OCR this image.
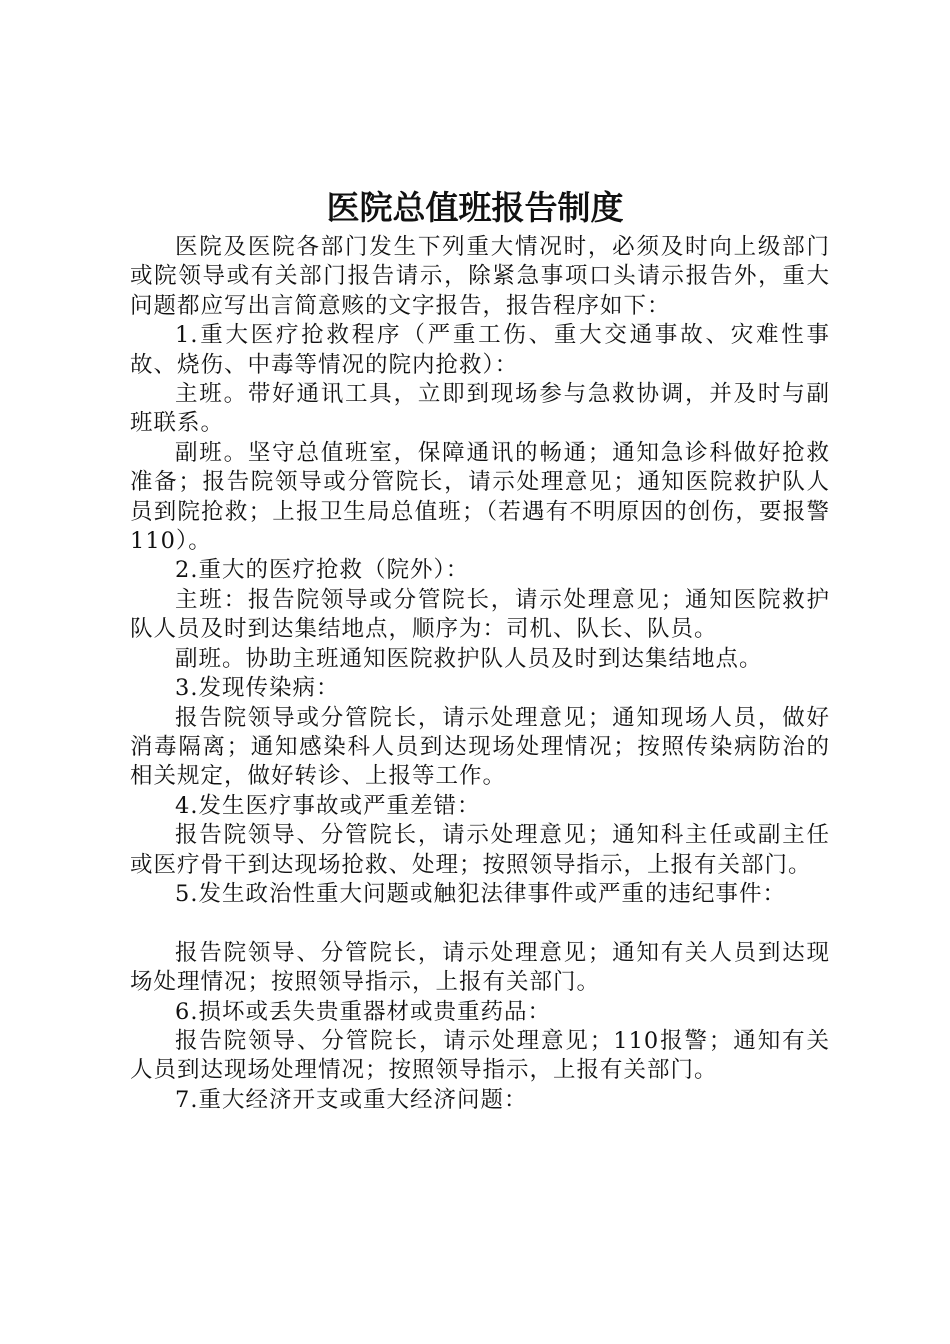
医院总值班报告制度

医院及医院各部门发生下列重大情况时，必须及时向上级部门或院领导或有关部门报告请示，除紧急事项口头请示报告外，重大问题都应写出言简意赅的文字报告，报告程序如下：

1.重大医疗抢救程序（严重工伤、重大交通事故、灾难性事故、烧伤、中毒等情况的院内抢救）：

主班。带好通讯工具，立即到现场参与急救协调，并及时与副班联系。

副班。坚守总值班室，保障通讯的畅通；通知急诊科做好抢救准备；报告院领导或分管院长，请示处理意见；通知医院救护队人员到院抢救；上报卫生局总值班；（若遇有不明原因的创伤，要报警110）。

2.重大的医疗抢救（院外）：

主班：报告院领导或分管院长，请示处理意见；通知医院救护队人员及时到达集结地点，顺序为：司机、队长、队员。

副班。协助主班通知医院救护队人员及时到达集结地点。

3.发现传染病：

报告院领导或分管院长，请示处理意见；通知现场人员，做好消毒隔离；通知感染科人员到达现场处理情况；按照传染病防治的相关规定，做好转诊、上报等工作。

4.发生医疗事故或严重差错：

报告院领导、分管院长，请示处理意见；通知科主任或副主任或医疗骨干到达现场抢救、处理；按照领导指示，上报有关部门。

5.发生政治性重大问题或触犯法律事件或严重的违纪事件：

报告院领导、分管院长，请示处理意见；通知有关人员到达现场处理情况；按照领导指示，上报有关部门。

6.损坏或丢失贵重器材或贵重药品：

报告院领导、分管院长，请示处理意见；110报警；通知有关人员到达现场处理情况；按照领导指示，上报有关部门。

7.重大经济开支或重大经济问题：
